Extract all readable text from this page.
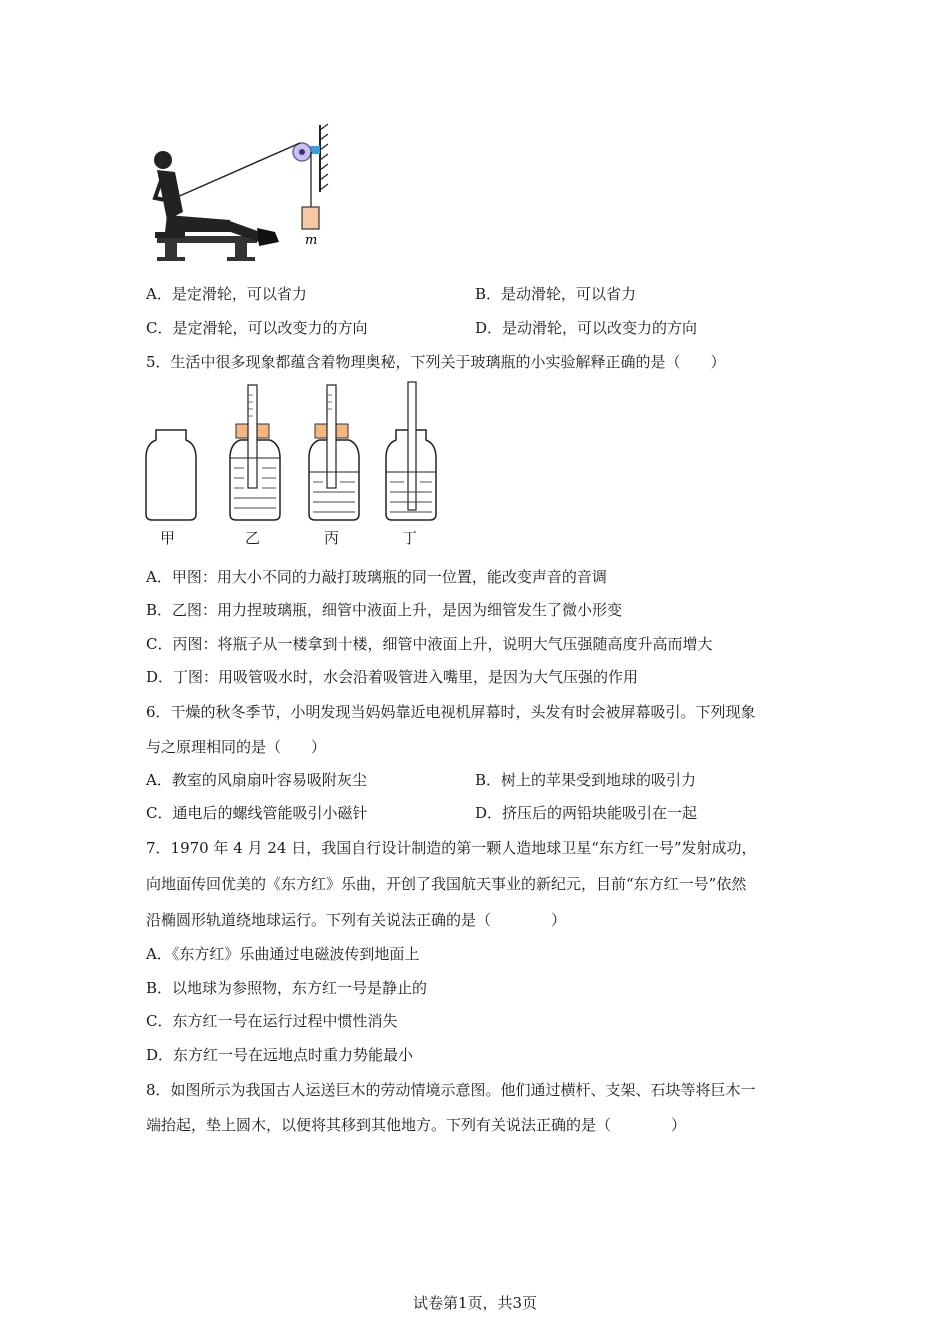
m
A．是定滑轮，可以省力	B．是动滑轮，可以省力
C．是定滑轮，可以改变力的方向	D．是动滑轮，可以改变力的方向
5．生活中很多现象都蕴含着物理奥秘，下列关于玻璃瓶的小实验解释正确的是（　　）
甲	乙	丙	丁
A．甲图：用大小不同的力敲打玻璃瓶的同一位置，能改变声音的音调
B．乙图：用力捏玻璃瓶，细管中液面上升，是因为细管发生了微小形变
C．丙图：将瓶子从一楼拿到十楼，细管中液面上升，说明大气压强随高度升高而增大
D．丁图：用吸管吸水时，水会沿着吸管进入嘴里，是因为大气压强的作用
6．干燥的秋冬季节，小明发现当妈妈靠近电视机屏幕时，头发有时会被屏幕吸引。下列现象
与之原理相同的是（　　）
A．教室的风扇扇叶容易吸附灰尘	B．树上的苹果受到地球的吸引力
C．通电后的螺线管能吸引小磁针	D．挤压后的两铅块能吸引在一起
7．1970 年 4 月 24 日，我国自行设计制造的第一颗人造地球卫星“东方红一号”发射成功，
向地面传回优美的《东方红》乐曲，开创了我国航天事业的新纪元，目前“东方红一号”依然
沿椭圆形轨道绕地球运行。下列有关说法正确的是（　　　　）
A．《东方红》乐曲通过电磁波传到地面上
B．以地球为参照物，东方红一号是静止的
C．东方红一号在运行过程中惯性消失
D．东方红一号在远地点时重力势能最小
8．如图所示为我国古人运送巨木的劳动情境示意图。他们通过横杆、支架、石块等将巨木一
端抬起，垫上圆木，以便将其移到其他地方。下列有关说法正确的是（　　　　）
试卷第1页，共3页
